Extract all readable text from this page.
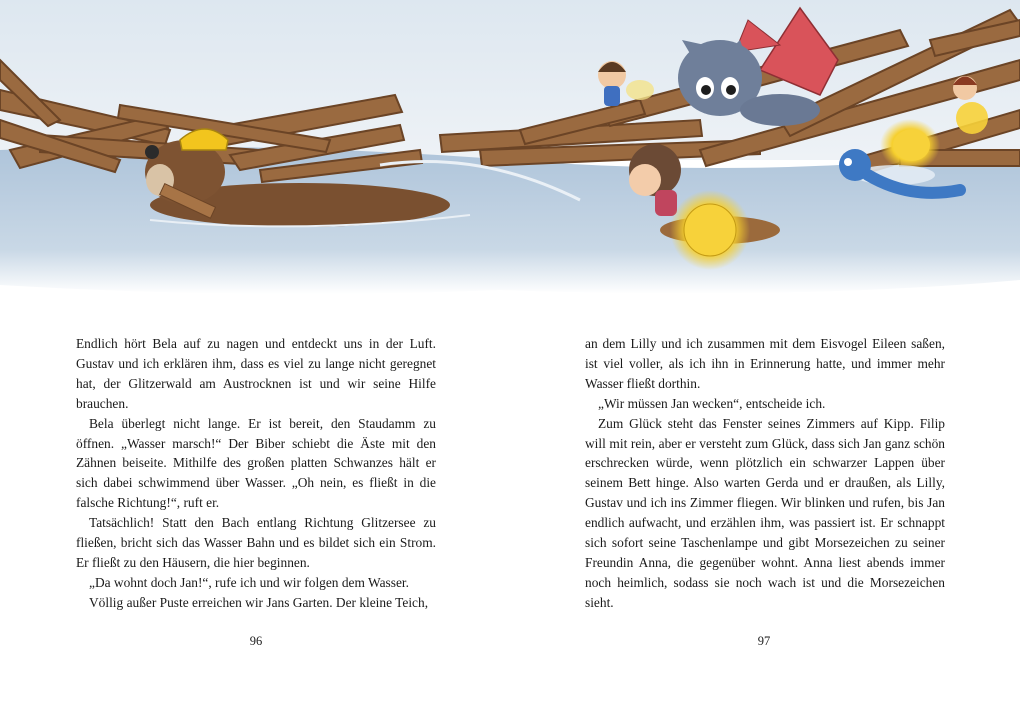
Endlich hört Bela auf zu nagen und entdeckt uns in der Luft. Gustav und ich erklären ihm, dass es viel zu lange nicht geregnet hat, der Glitzerwald am Austrocknen ist und wir seine Hilfe brauchen.

Bela überlegt nicht lange. Er ist bereit, den Staudamm zu öffnen. „Wasser marsch!“ Der Biber schiebt die Äste mit den Zähnen beiseite. Mithilfe des großen platten Schwanzes hält er sich dabei schwimmend über Wasser. „Oh nein, es fließt in die falsche Richtung!“, ruft er.

Tatsächlich! Statt den Bach entlang Richtung Glitzersee zu fließen, bricht sich das Wasser Bahn und es bildet sich ein Strom. Er fließt zu den Häusern, die hier beginnen.

„Da wohnt doch Jan!“, rufe ich und wir folgen dem Wasser.

Völlig außer Puste erreichen wir Jans Garten. Der kleine Teich,

an dem Lilly und ich zusammen mit dem Eisvogel Eileen saßen, ist viel voller, als ich ihn in Erinnerung hatte, und immer mehr Wasser fließt dorthin.

„Wir müssen Jan wecken“, entscheide ich.

Zum Glück steht das Fenster seines Zimmers auf Kipp. Filip will mit rein, aber er versteht zum Glück, dass sich Jan ganz schön erschrecken würde, wenn plötzlich ein schwarzer Lappen über seinem Bett hinge. Also warten Gerda und er draußen, als Lilly, Gustav und ich ins Zimmer fliegen. Wir blinken und rufen, bis Jan endlich aufwacht, und erzählen ihm, was passiert ist. Er schnappt sich sofort seine Taschenlampe und gibt Morsezeichen zu seiner Freundin Anna, die gegenüber wohnt. Anna liest abends immer noch heimlich, sodass sie noch wach ist und die Morsezeichen sieht.

96	97
